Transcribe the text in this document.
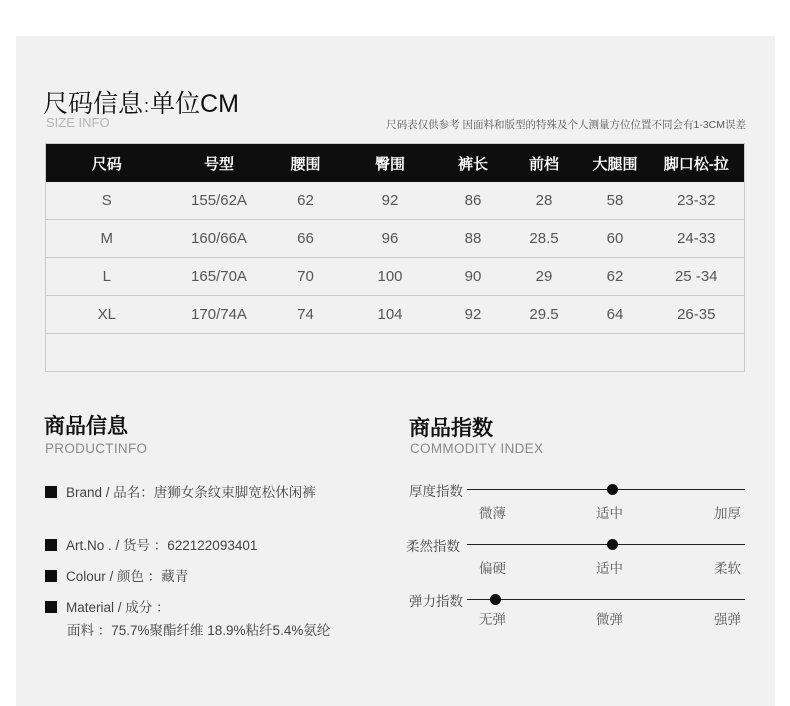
尺码信息:单位CM
SIZE INFO	尺码表仅供参考 因面料和版型的特殊及个人测量方位位置不同会有1-3CM误差
尺码	号型	腰围	臀围	裤长	前档	大腿围	脚口松-拉
S	155/62A	62	92	86	28	58	23-32
M	160/66A	66	96	88	28.5	60	24-33
L	165/70A	70	100	90	29	62	25 -34
XL	170/74A	74	104	92	29.5	64	26-35

商品信息
PRODUCTINFO
Brand / 品名：唐狮女条纹束脚宽松休闲裤
Art.No . / 货号 ：622122093401
Colour / 颜色 ：藏青
Material / 成分 ：
面料 ：75.7%聚酯纤维 18.9%粘纤5.4%氨纶
商品指数
COMMODITY INDEX
厚度指数
微薄	适中	加厚
柔然指数
偏硬	适中	柔软
弹力指数
无弹	微弹	强弹
